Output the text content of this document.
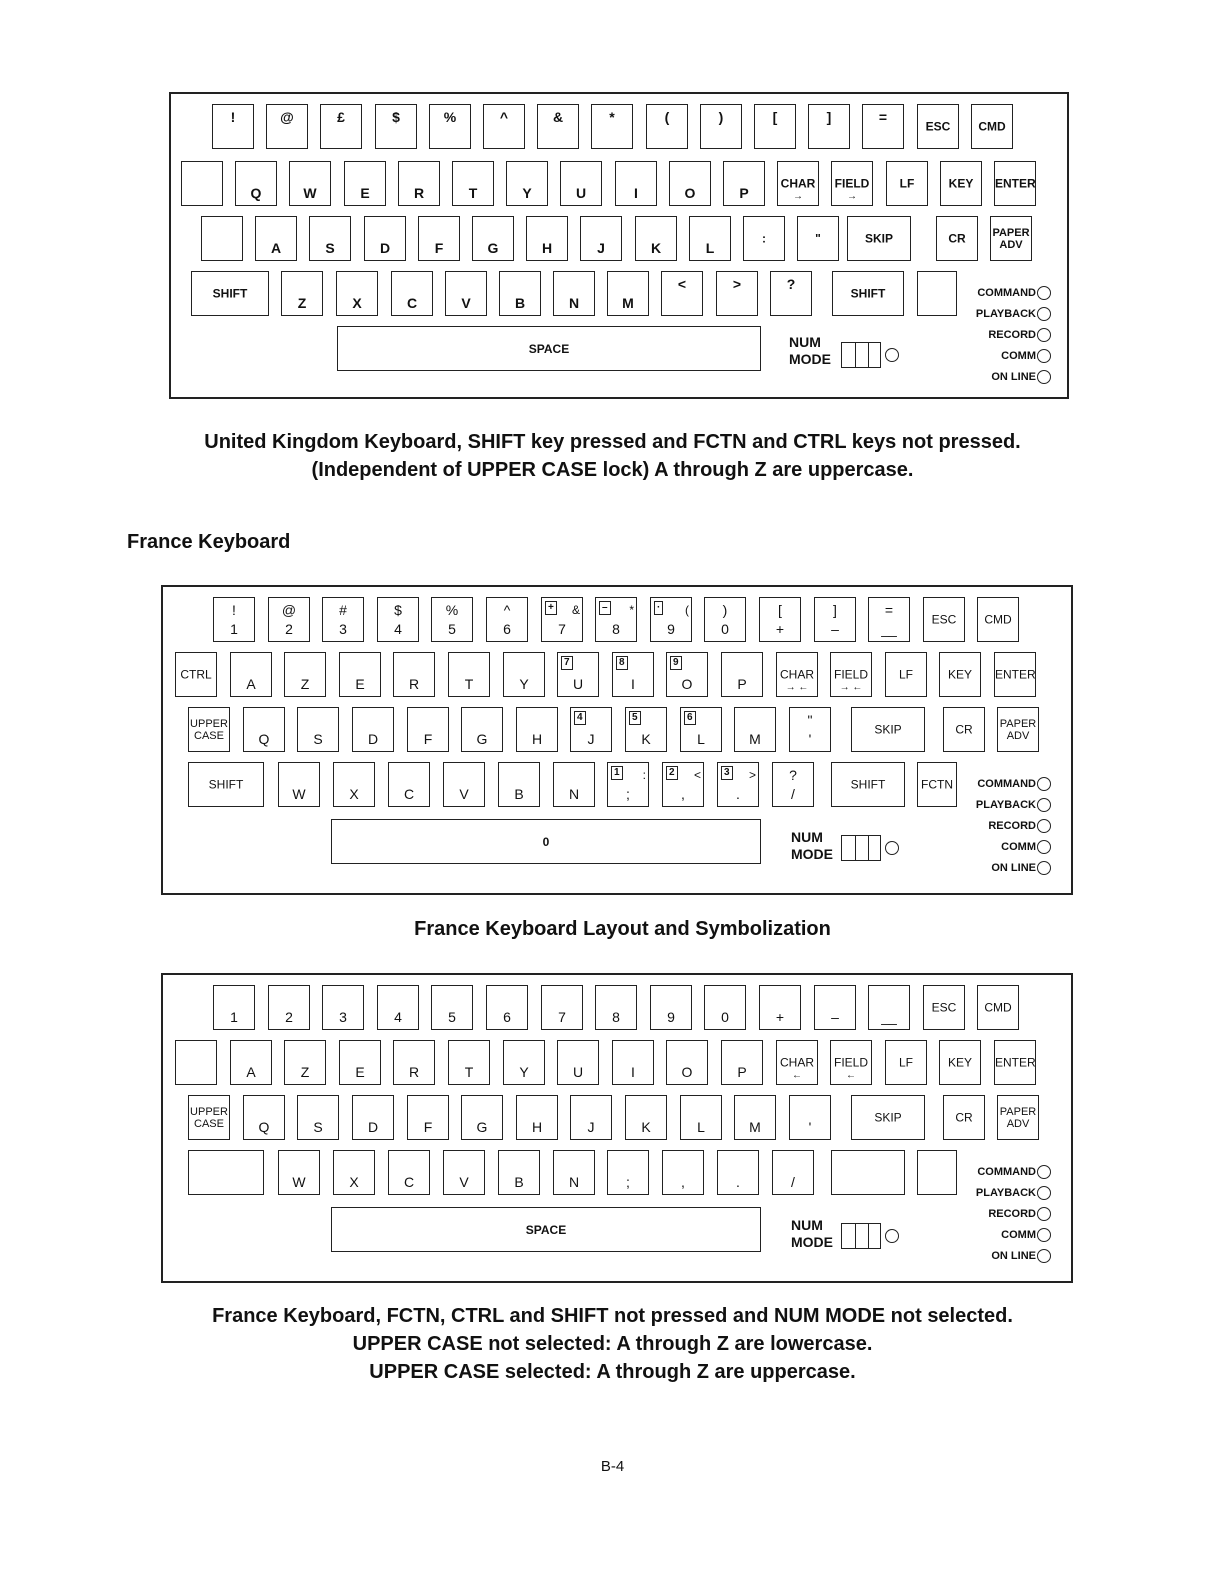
!	@	£	$	%	^	&	*	(	)	[	]	=
ESC	CMD
Q	W	E	R	T	Y	U	I	O	P
CHAR
→
FIELD
→
LF	KEY	ENTER
A	S	D	F	G	H	J	K	L
:	"	SKIP	CR	PAPER ADV
SHIFT
Z	X	C	V	B	N	M
<	>	?
SHIFT
SPACE	NUM
MODE
COMMAND
PLAYBACK
RECORD
COMM
ON LINE
United Kingdom Keyboard, SHIFT key pressed and FCTN and CTRL keys not pressed.
(Independent of UPPER CASE lock) A through Z are uppercase.
France Keyboard
!
1
@
2
#
3
$
4
%
5
^
6
+	&
7
–	*
8
·	(
9
)
0
[
+
]
–
=
__
ESC	CMD
CTRL
A	Z	E	R	T	Y
7
U
8
I
9
O	P
CHAR
→ ←
FIELD
→ ←
LF	KEY	ENTER
UPPER CASE	Q	S	D	F	G	H
4
J
5
K
6
L	M
"
'
SKIP	CR	PAPER ADV
SHIFT
W	X	C	V	B	N
1	:
;
2	<
,
3	>
.
?
/
SHIFT	FCTN
0	NUM
MODE
COMMAND
PLAYBACK
RECORD
COMM
ON LINE
France Keyboard Layout and Symbolization
1	2	3	4	5	6	7	8	9	0	+	–	__
ESC	CMD
A	Z	E	R	T	Y	U	I	O	P
CHAR
←
FIELD
←
LF	KEY	ENTER
UPPER CASE	Q	S	D	F	G	H	J	K	L	M	'
SKIP	CR	PAPER ADV
W	X	C	V	B	N	;	,	.	/
SPACE	NUM
MODE
COMMAND
PLAYBACK
RECORD
COMM
ON LINE
France Keyboard, FCTN, CTRL and SHIFT not pressed and NUM MODE not selected.
UPPER CASE not selected: A through Z are lowercase.
UPPER CASE selected: A through Z are uppercase.
B-4
